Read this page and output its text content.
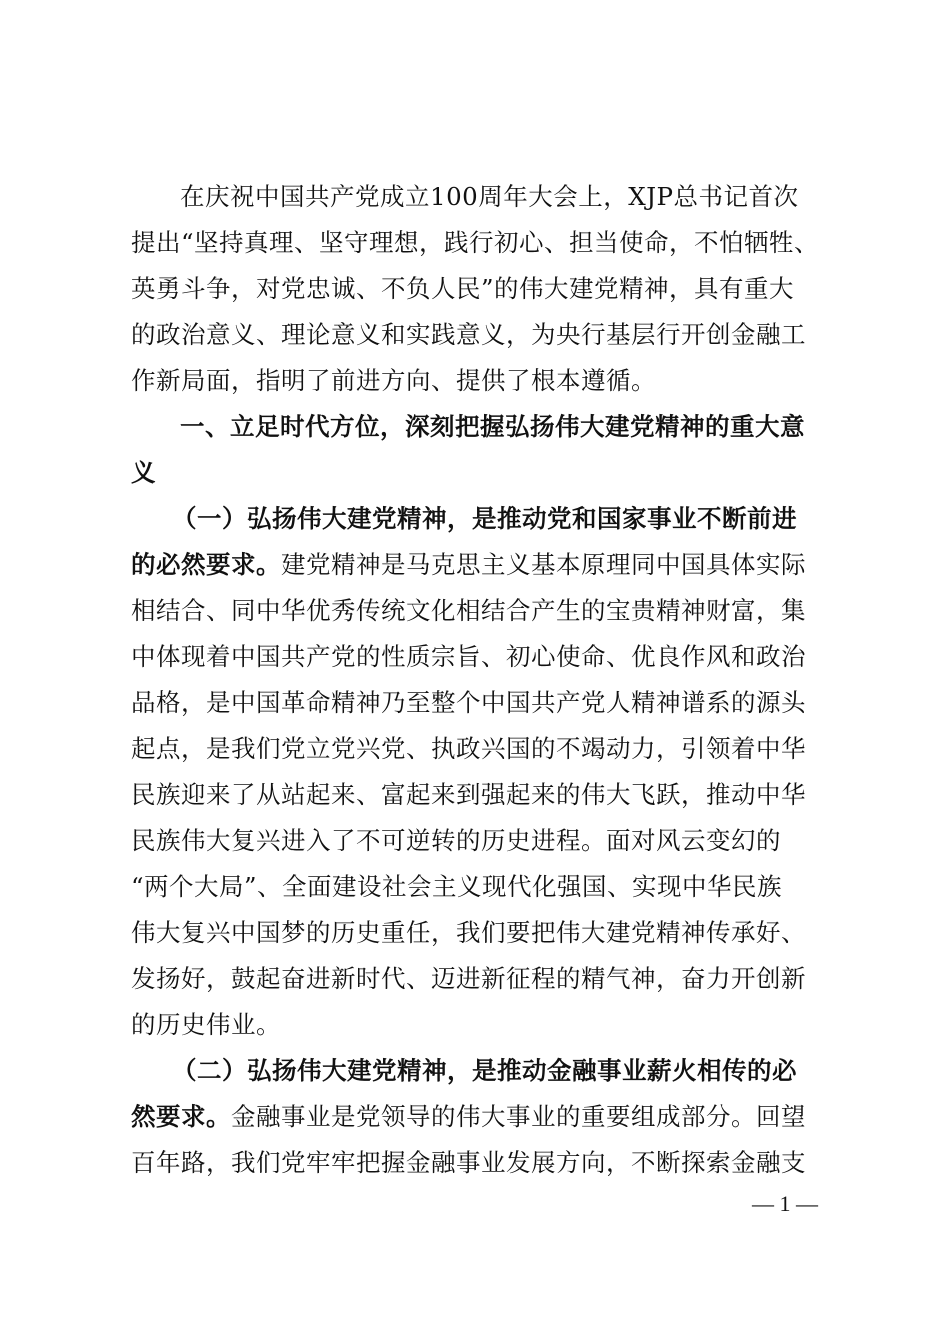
在庆祝中国共产党成立100周年大会上，XJP总书记首次
提出“坚持真理、坚守理想，践行初心、担当使命，不怕牺牲、
英勇斗争，对党忠诚、不负人民”的伟大建党精神，具有重大
的政治意义、理论意义和实践意义，为央行基层行开创金融工
作新局面，指明了前进方向、提供了根本遵循。
一、立足时代方位，深刻把握弘扬伟大建党精神的重大意
义
（一）弘扬伟大建党精神，是推动党和国家事业不断前进
的必然要求。建党精神是马克思主义基本原理同中国具体实际
相结合、同中华优秀传统文化相结合产生的宝贵精神财富，集
中体现着中国共产党的性质宗旨、初心使命、优良作风和政治
品格，是中国革命精神乃至整个中国共产党人精神谱系的源头
起点，是我们党立党兴党、执政兴国的不竭动力，引领着中华
民族迎来了从站起来、富起来到强起来的伟大飞跃，推动中华
民族伟大复兴进入了不可逆转的历史进程。面对风云变幻的
“两个大局”、全面建设社会主义现代化强国、实现中华民族
伟大复兴中国梦的历史重任，我们要把伟大建党精神传承好、
发扬好，鼓起奋进新时代、迈进新征程的精气神，奋力开创新
的历史伟业。
（二）弘扬伟大建党精神，是推动金融事业薪火相传的必
然要求。金融事业是党领导的伟大事业的重要组成部分。回望
百年路，我们党牢牢把握金融事业发展方向，不断探索金融支
— 1 —
